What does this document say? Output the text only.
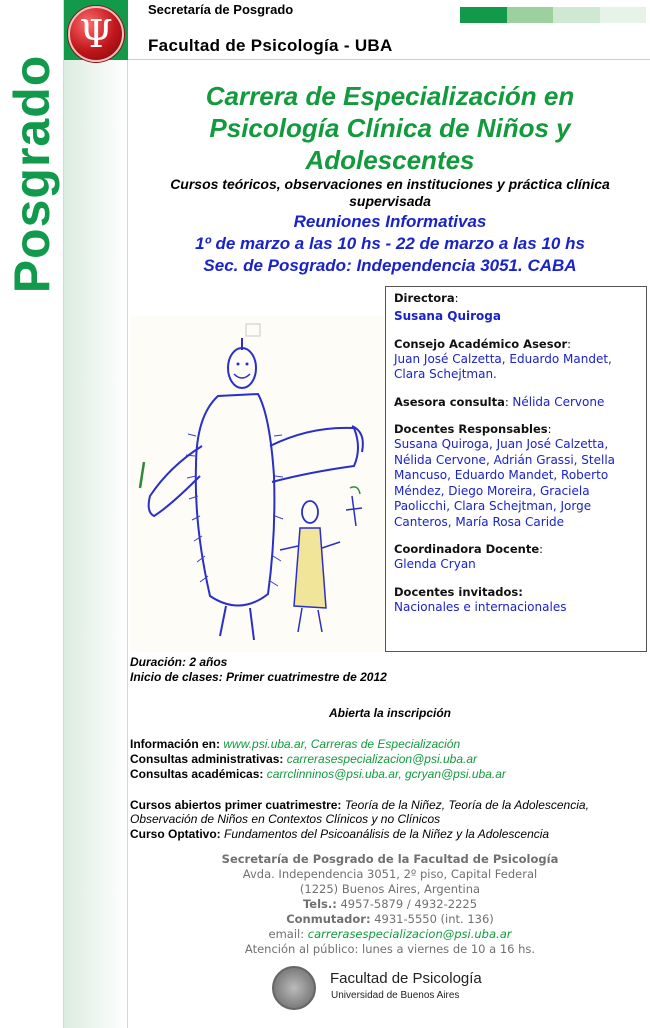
Posgrado
Ψ
Secretaría de Posgrado
Facultad de Psicología - UBA
Carrera de Especialización en
Psicología Clínica de Niños y
Adolescentes
Cursos teóricos, observaciones en instituciones y práctica clínica
supervisada
Reuniones Informativas
1º de marzo a las 10 hs - 22 de marzo a las 10 hs
Sec. de Posgrado: Independencia 3051. CABA
Directora:
Susana Quiroga
Consejo Académico Asesor:
Juan José Calzetta, Eduardo Mandet,
Clara Schejtman.
Asesora consulta: Nélida Cervone
Docentes Responsables:
Susana Quiroga, Juan José Calzetta,
Nélida Cervone, Adrián Grassi, Stella
Mancuso, Eduardo Mandet, Roberto
Méndez, Diego Moreira, Graciela
Paolicchi, Clara Schejtman, Jorge
Canteros, María Rosa Caride
Coordinadora Docente:
Glenda Cryan
Docentes invitados:
Nacionales e internacionales
Duración: 2 años
Inicio de clases: Primer cuatrimestre de 2012
Abierta la inscripción
Información en: www.psi.uba.ar, Carreras de Especialización
Consultas administrativas: carrerasespecializacion@psi.uba.ar
Consultas académicas: carrclinninos@psi.uba.ar, gcryan@psi.uba.ar
Cursos abiertos primer cuatrimestre: Teoría de la Niñez, Teoría de la Adolescencia,
Observación de Niños en Contextos Clínicos y no Clínicos
Curso Optativo: Fundamentos del Psicoanálisis de la Niñez y la Adolescencia
Secretaría de Posgrado de la Facultad de Psicología
Avda. Independencia 3051, 2º piso, Capital Federal
(1225) Buenos Aires, Argentina
Tels.: 4957-5879 / 4932-2225
Conmutador: 4931-5550 (int. 136)
email: carrerasespecializacion@psi.uba.ar
Atención al público: lunes a viernes de 10 a 16 hs.
Facultad de Psicología
Universidad de Buenos Aires
